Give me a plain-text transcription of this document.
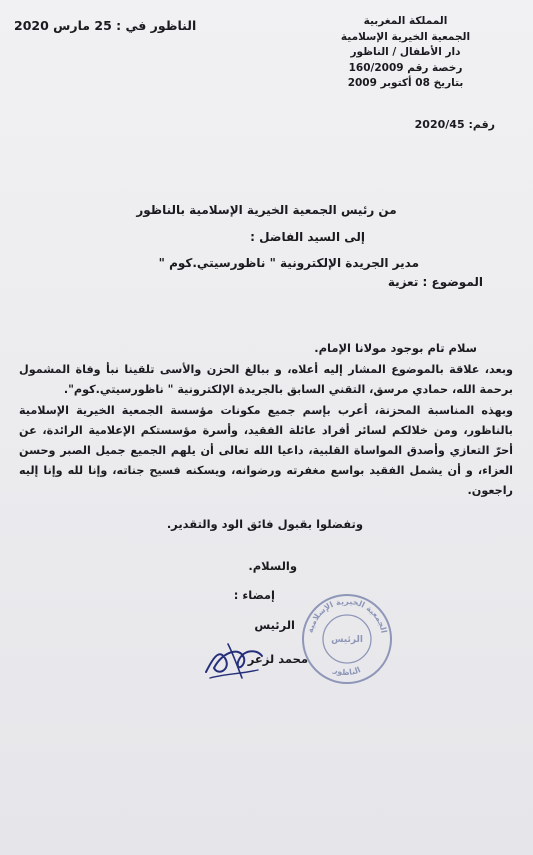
المملكة المغربية
الجمعية الخيرية الإسلامية
دار الأطفال / الناظور
رخصة رقم 160/2009
بتاريخ 08 أكتوبر 2009
الناظور في : 25 مارس 2020
رقم: 2020/45
من رئيس الجمعية الخيرية الإسلامية بالناظور
إلى السيد الفاضل :
مدير الجريدة الإلكترونية " ناظورسيتي.كوم "
الموضوع : تعزية
سلام تام بوجود مولانا الإمام.
وبعد، علاقة بالموضوع المشار إليه أعلاه، و ببالغ الحزن والأسى تلقينا نبأ وفاة المشمول برحمة الله، حمادي مرسق، التقني السابق بالجريدة الإلكترونية " ناظورسيتي.كوم".
وبهذه المناسبة المحزنة، أعرب بإسم جميع مكونات مؤسسة الجمعية الخيرية الإسلامية بالناظور، ومن خلالكم لسائر أفراد عائلة الفقيد، وأسرة مؤسستكم الإعلامية الرائدة، عن أحرّ التعازي وأصدق المواساة القلبية، داعيا الله تعالى أن يلهم الجميع جميل الصبر وحسن العزاء، و أن يشمل الفقيد بواسع مغفرته ورضوانه، ويسكنه فسيح جناته، وإنا لله وإنا إليه راجعون.
وتفضلوا بقبول فائق الود والتقدير.
والسلام.
إمضاء :
الرئيس
محمد لزعر
الجمعية الخيرية الإسلامية
الرئيس
الناظور
